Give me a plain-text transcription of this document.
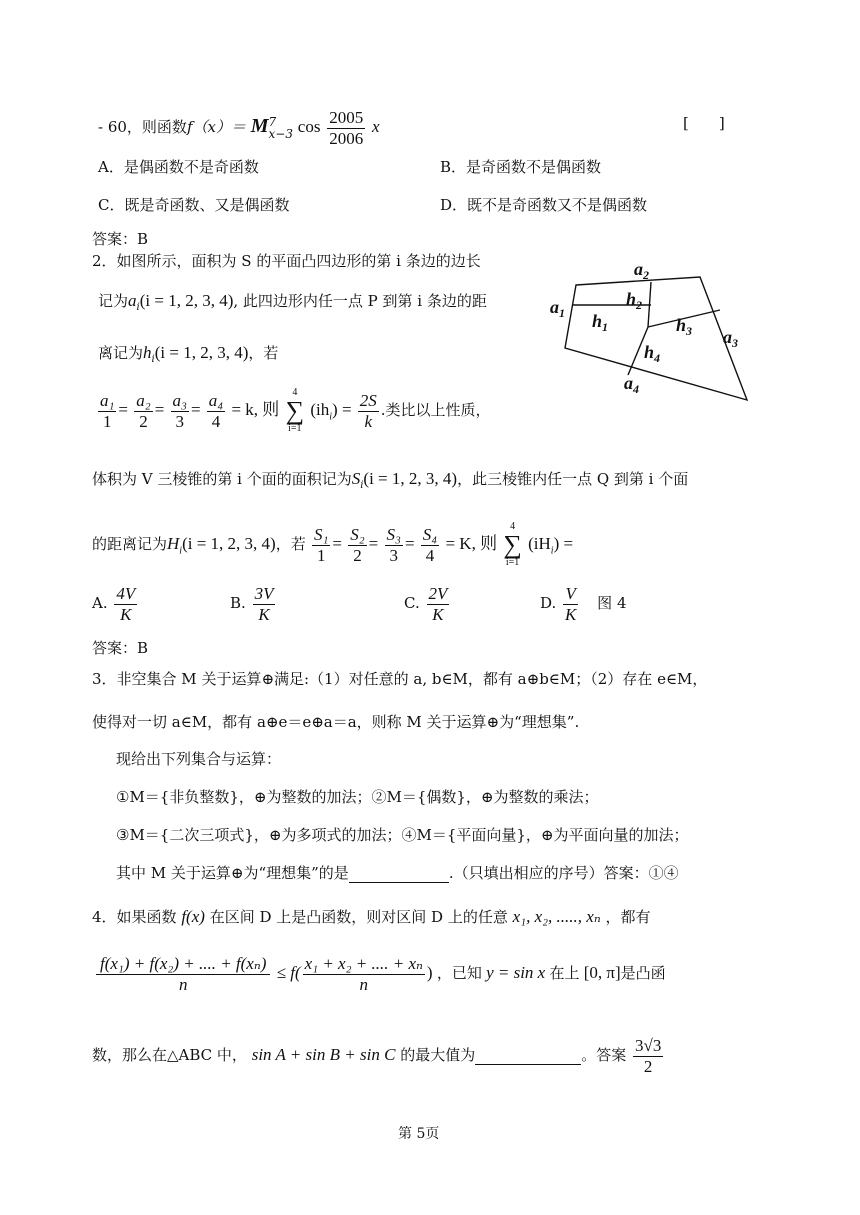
- 60，则函数f（x）＝ M 7
x−3 $\cos \frac{2005}{2006}$ x	[　　]
A．是偶函数不是奇函数	B．是奇函数不是偶函数
C．既是奇函数、又是偶函数	D．既不是奇函数又不是偶函数
答案：B
2．如图所示，面积为 S 的平面凸四边形的第 i 条边的边长
记为$a_i(i = 1$, 2, 3, 4), 此四边形内任一点 P 到第 i 条边的距
离记为$h_i(i = 1$, 2, 3, 4)，若
$\frac{\text{a₁}}{1} = \frac{\text{a₂}}{2} = \frac{\text{a₃}}{3} = \frac{\text{a₄}}{4} = k$, 则 4
∑
i=1 $(ih_i) = \frac{2S}{k}$ .类比以上性质，
体积为 V 三棱锥的第 i 个面的面积记为$S_i(i = 1$, 2, 3, 4)，此三棱锥内任一点 Q 到第 i 个面
的距离记为$H_i(i = 1$, 2, 3, 4)，若 $\frac{\text{S₁}}{1} = \frac{\text{S₂}}{2} = \frac{\text{S₃}}{3} = \frac{\text{S₄}}{4} = K$, 则 4
∑
i=1 $(iH_i)$ =
A. $\frac{4V}{K}$	B. $\frac{3V}{K}$	C. $\frac{2V}{K}$	D. $\frac{V}{K}$ 图 4
答案：B
$a_2$
$a_1$
$a_3$
$a_4$
$h_2$
$h_1$	$h_3$
$h_4$
3．非空集合 M 关于运算⊕满足:（1）对任意的 a, b∈M，都有 a⊕b∈M；（2）存在 e∈M，
使得对一切 a∈M，都有 a⊕e＝e⊕a＝a，则称 M 关于运算⊕为“理想集”.
现给出下列集合与运算：
①M＝{非负整数}，⊕为整数的加法；②M＝{偶数}，⊕为整数的乘法；
③M＝{二次三项式}，⊕为多项式的加法；④M＝{平面向量}，⊕为平面向量的加法；
其中 M 关于运算⊕为“理想集”的是	.（只填出相应的序号）答案：①④
4．如果函数 f(x) 在区间 D 上是凸函数，则对区间 D 上的任意 x₁, x₂, ....., xₙ ，都有
$\frac{\text{f(x₁) + f(x₂) + .... + f(xₙ)}}{n} \le f( \frac{\text{x₁ + x₂ + .... + xₙ}}{n}$ ) ，已知 y = sin x 在上 [0, π]是凸函
数，那么在△ABC 中， sin A + sin B + sin C 的最大值为	。答案 $\frac{3√3}{2}$
第 5页
